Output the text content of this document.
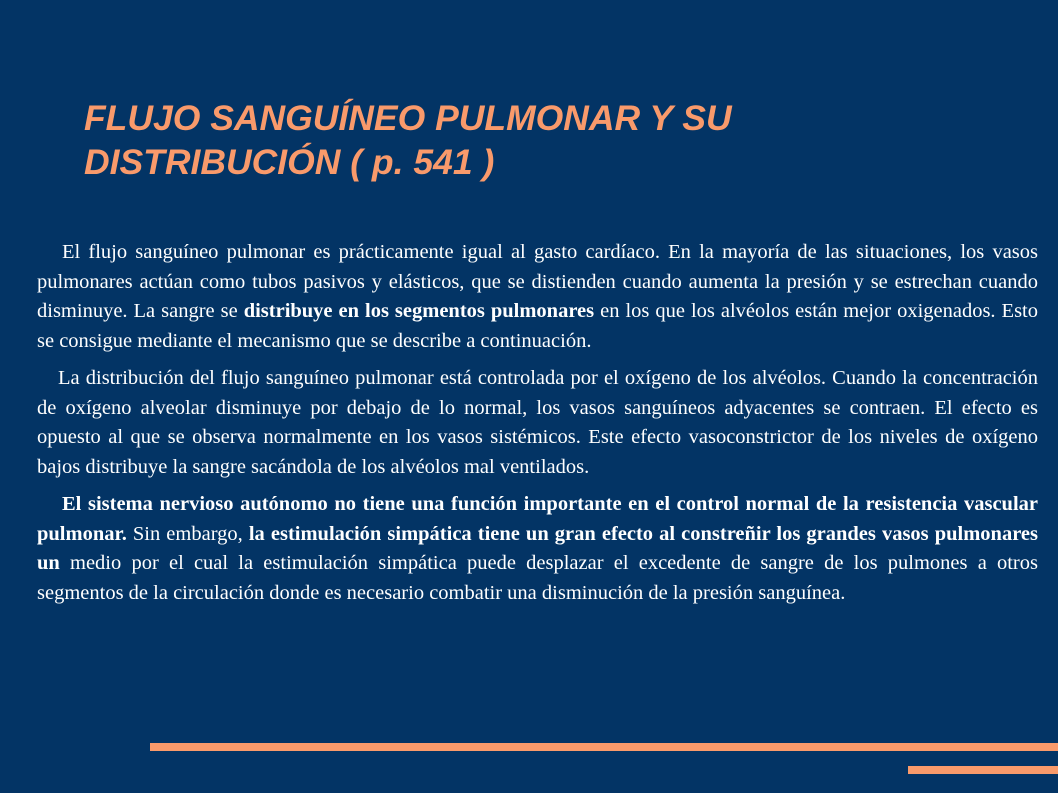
FLUJO SANGUÍNEO PULMONAR Y SU
DISTRIBUCIÓN ( p. 541 )

El flujo sanguíneo pulmonar es prácticamente igual al gasto cardíaco. En la mayoría de las situaciones, los vasos pulmonares actúan como tubos pasivos y elásticos, que se distienden cuando aumenta la presión y se estrechan cuando disminuye. La sangre se distribuye en los segmentos pulmonares en los que los alvéolos están mejor oxigenados. Esto se consigue mediante el mecanismo que se describe a continuación.

La distribución del flujo sanguíneo pulmonar está controlada por el oxígeno de los alvéolos. Cuando la concentración de oxígeno alveolar disminuye por debajo de lo normal, los vasos sanguíneos adyacentes se contraen. El efecto es opuesto al que se observa normalmente en los vasos sistémicos. Este efecto vasoconstrictor de los niveles de oxígeno bajos distribuye la sangre sacándola de los alvéolos mal ventilados.

El sistema nervioso autónomo no tiene una función importante en el control normal de la resistencia vascular pulmonar. Sin embargo, la estimulación simpática tiene un gran efecto al constreñir los grandes vasos pulmonares un medio por el cual la estimulación simpática puede desplazar el excedente de sangre de los pulmones a otros segmentos de la circulación donde es necesario combatir una disminución de la presión sanguínea.
